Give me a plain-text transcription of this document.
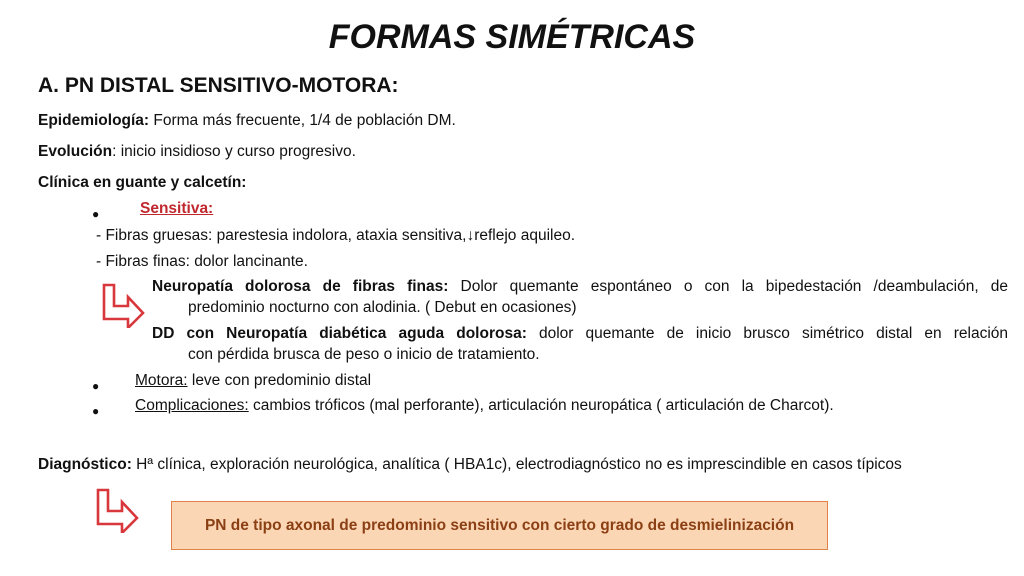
FORMAS SIMÉTRICAS
A. PN DISTAL SENSITIVO-MOTORA:
Epidemiología: Forma más frecuente, 1/4 de población DM.
Evolución: inicio insidioso y curso progresivo.
Clínica en guante y calcetín:
●	Sensitiva:
- Fibras gruesas: parestesia indolora, ataxia sensitiva,↓reflejo aquileo.
- Fibras finas: dolor lancinante.
Neuropatía dolorosa de fibras finas: Dolor quemante espontáneo o con la bipedestación /deambulación, de
predominio nocturno con alodinia. ( Debut en ocasiones)
DD con Neuropatía diabética aguda dolorosa: dolor quemante de inicio brusco simétrico distal en relación
con pérdida brusca de peso o inicio de tratamiento.
● Motora: leve con predominio distal
● Complicaciones: cambios tróficos (mal perforante), articulación neuropática ( articulación de Charcot).
Diagnóstico: Hª clínica, exploración neurológica, analítica ( HBA1c), electrodiagnóstico no es imprescindible en casos típicos
PN de tipo axonal de predominio sensitivo con cierto grado de desmielinización
